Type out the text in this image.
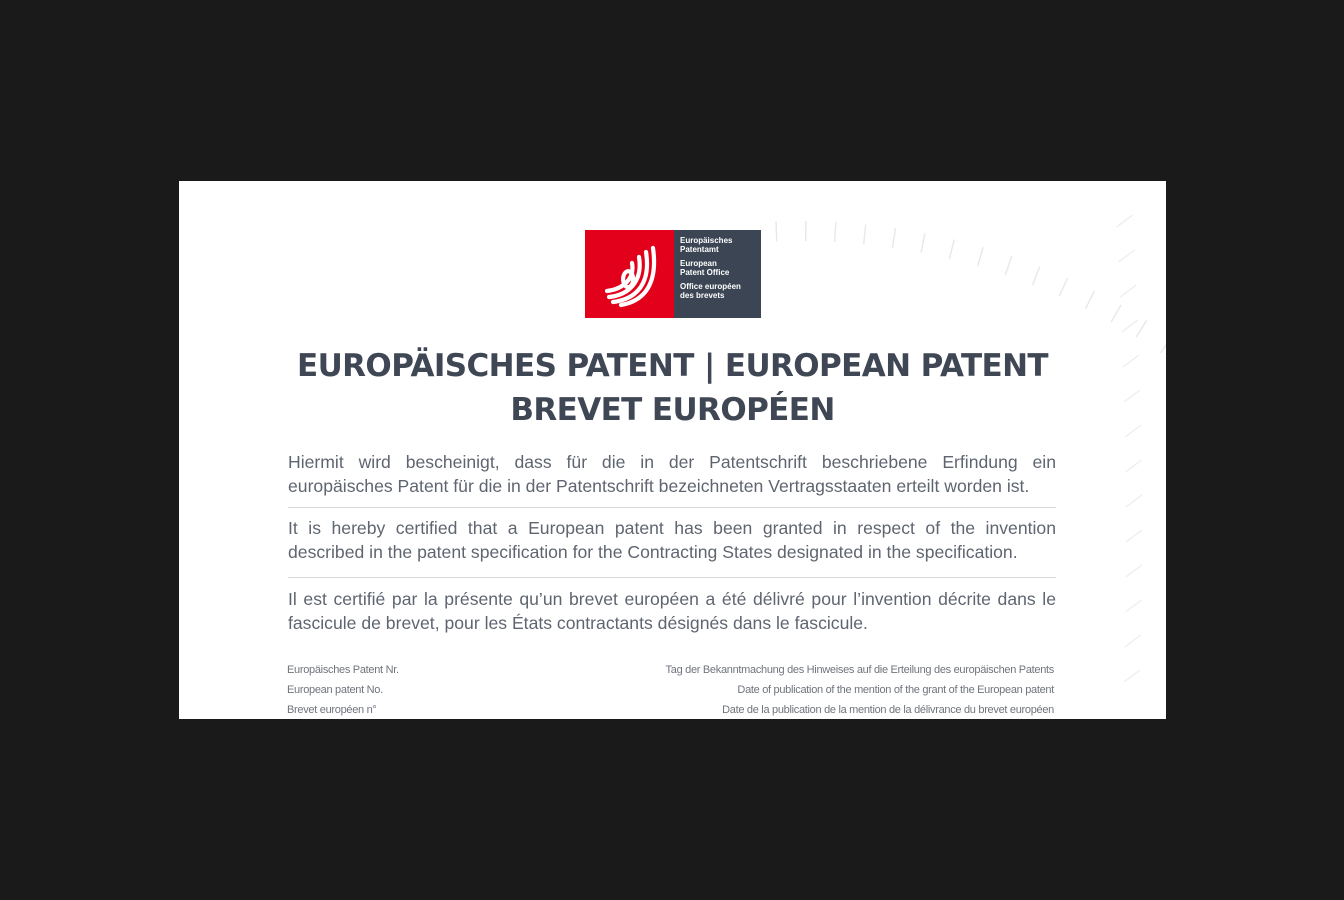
Europäisches
Patentamt
European
Patent Office
Office européen
des brevets
EUROPÄISCHES PATENT | EUROPEAN PATENT
BREVET EUROPÉEN
Hiermit wird bescheinigt, dass für die in der Patentschrift beschriebene Erfindung ein
europäisches Patent für die in der Patentschrift bezeichneten Vertragsstaaten erteilt worden ist.
It is hereby certified that a European patent has been granted in respect of the invention
described in the patent specification for the Contracting States designated in the specification.
Il est certifié par la présente qu’un brevet européen a été délivré pour l’invention décrite dans le
fascicule de brevet, pour les États contractants désignés dans le fascicule.
Europäisches Patent Nr.
European patent No.
Brevet européen n°
Tag der Bekanntmachung des Hinweises auf die Erteilung des europäischen Patents
Date of publication of the mention of the grant of the European patent
Date de la publication de la mention de la délivrance du brevet européen
